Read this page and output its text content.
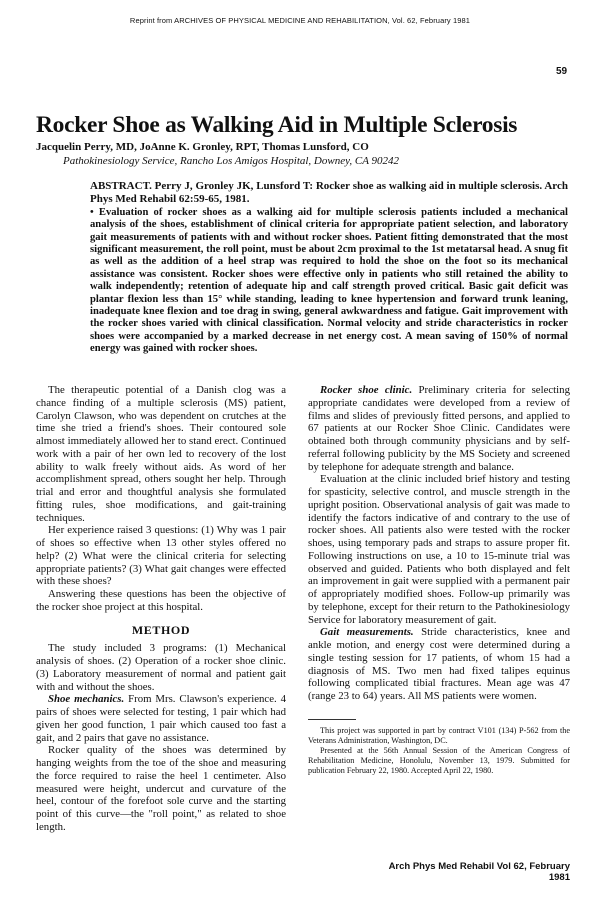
Reprint from ARCHIVES OF PHYSICAL MEDICINE AND REHABILITATION, Vol. 62, February 1981
59
Rocker Shoe as Walking Aid in Multiple Sclerosis
Jacquelin Perry, MD, JoAnne K. Gronley, RPT, Thomas Lunsford, CO
Pathokinesiology Service, Rancho Los Amigos Hospital, Downey, CA 90242

ABSTRACT. Perry J, Gronley JK, Lunsford T: Rocker shoe as walking aid in multiple sclerosis. Arch Phys Med Rehabil 62:59-65, 1981.

• Evaluation of rocker shoes as a walking aid for multiple sclerosis patients included a mechanical analysis of the shoes, establishment of clinical criteria for appropriate patient selection, and laboratory gait measurements of patients with and without rocker shoes. Patient fitting demonstrated that the most significant measurement, the roll point, must be about 2cm proximal to the 1st metatarsal head. A snug fit as well as the addition of a heel strap was required to hold the shoe on the foot so its mechanical assistance was consistent. Rocker shoes were effective only in patients who still retained the ability to walk independently; retention of adequate hip and calf strength proved critical. Basic gait deficit was plantar flexion less than 15° while standing, leading to knee hypertension and forward trunk leaning, inadequate knee flexion and toe drag in swing, general awkwardness and fatigue. Gait improvement with the rocker shoes varied with clinical classification. Normal velocity and stride characteristics in rocker shoes were accompanied by a marked decrease in net energy cost. A mean saving of 150% of normal energy was gained with rocker shoes.

The therapeutic potential of a Danish clog was a chance finding of a multiple sclerosis (MS) patient, Carolyn Clawson, who was dependent on crutches at the time she tried a friend's shoes. Their contoured sole almost immediately allowed her to stand erect. Continued work with a pair of her own led to recovery of the lost ability to walk freely without aids. As word of her accomplishment spread, others sought her help. Through trial and error and thoughtful analysis she formulated fitting rules, shoe modifications, and gait-training techniques.

Her experience raised 3 questions: (1) Why was 1 pair of shoes so effective when 13 other styles offered no help? (2) What were the clinical criteria for selecting appropriate patients? (3) What gait changes were effected with these shoes?

Answering these questions has been the objective of the rocker shoe project at this hospital.

METHOD

The study included 3 programs: (1) Mechanical analysis of shoes. (2) Operation of a rocker shoe clinic. (3) Laboratory measurement of normal and patient gait with and without the shoes.

Shoe mechanics. From Mrs. Clawson's experience. 4 pairs of shoes were selected for testing, 1 pair which had given her good function, 1 pair which caused too fast a gait, and 2 pairs that gave no assistance.

Rocker quality of the shoes was determined by hanging weights from the toe of the shoe and measuring the force required to raise the heel 1 centimeter. Also measured were height, undercut and curvature of the heel, contour of the forefoot sole curve and the starting point of this curve—the "roll point," as related to shoe length.

Rocker shoe clinic. Preliminary criteria for selecting appropriate candidates were developed from a review of films and slides of previously fitted persons, and applied to 67 patients at our Rocker Shoe Clinic. Candidates were obtained both through community physicians and by self-referral following publicity by the MS Society and screened by telephone for adequate strength and balance.

Evaluation at the clinic included brief history and testing for spasticity, selective control, and muscle strength in the upright position. Observational analysis of gait was made to identify the factors indicative of and contrary to the use of rocker shoes. All patients also were tested with the rocker shoes, using temporary pads and straps to assure proper fit. Following instructions on use, a 10 to 15-minute trial was observed and guided. Patients who both displayed and felt an improvement in gait were supplied with a permanent pair of appropriately modified shoes. Follow-up primarily was by telephone, except for their return to the Pathokinesiology Service for laboratory measurement of gait.

Gait measurements. Stride characteristics, knee and ankle motion, and energy cost were determined during a single testing session for 17 patients, of whom 15 had a diagnosis of MS. Two men had fixed talipes equinus following complicated tibial fractures. Mean age was 47 (range 23 to 64) years. All MS patients were women.

This project was supported in part by contract V101 (134) P-562 from the Veterans Administration, Washington, DC.

Presented at the 56th Annual Session of the American Congress of Rehabilitation Medicine, Honolulu, November 13, 1979. Submitted for publication February 22, 1980. Accepted April 22, 1980.

Arch Phys Med Rehabil Vol 62, February 1981
